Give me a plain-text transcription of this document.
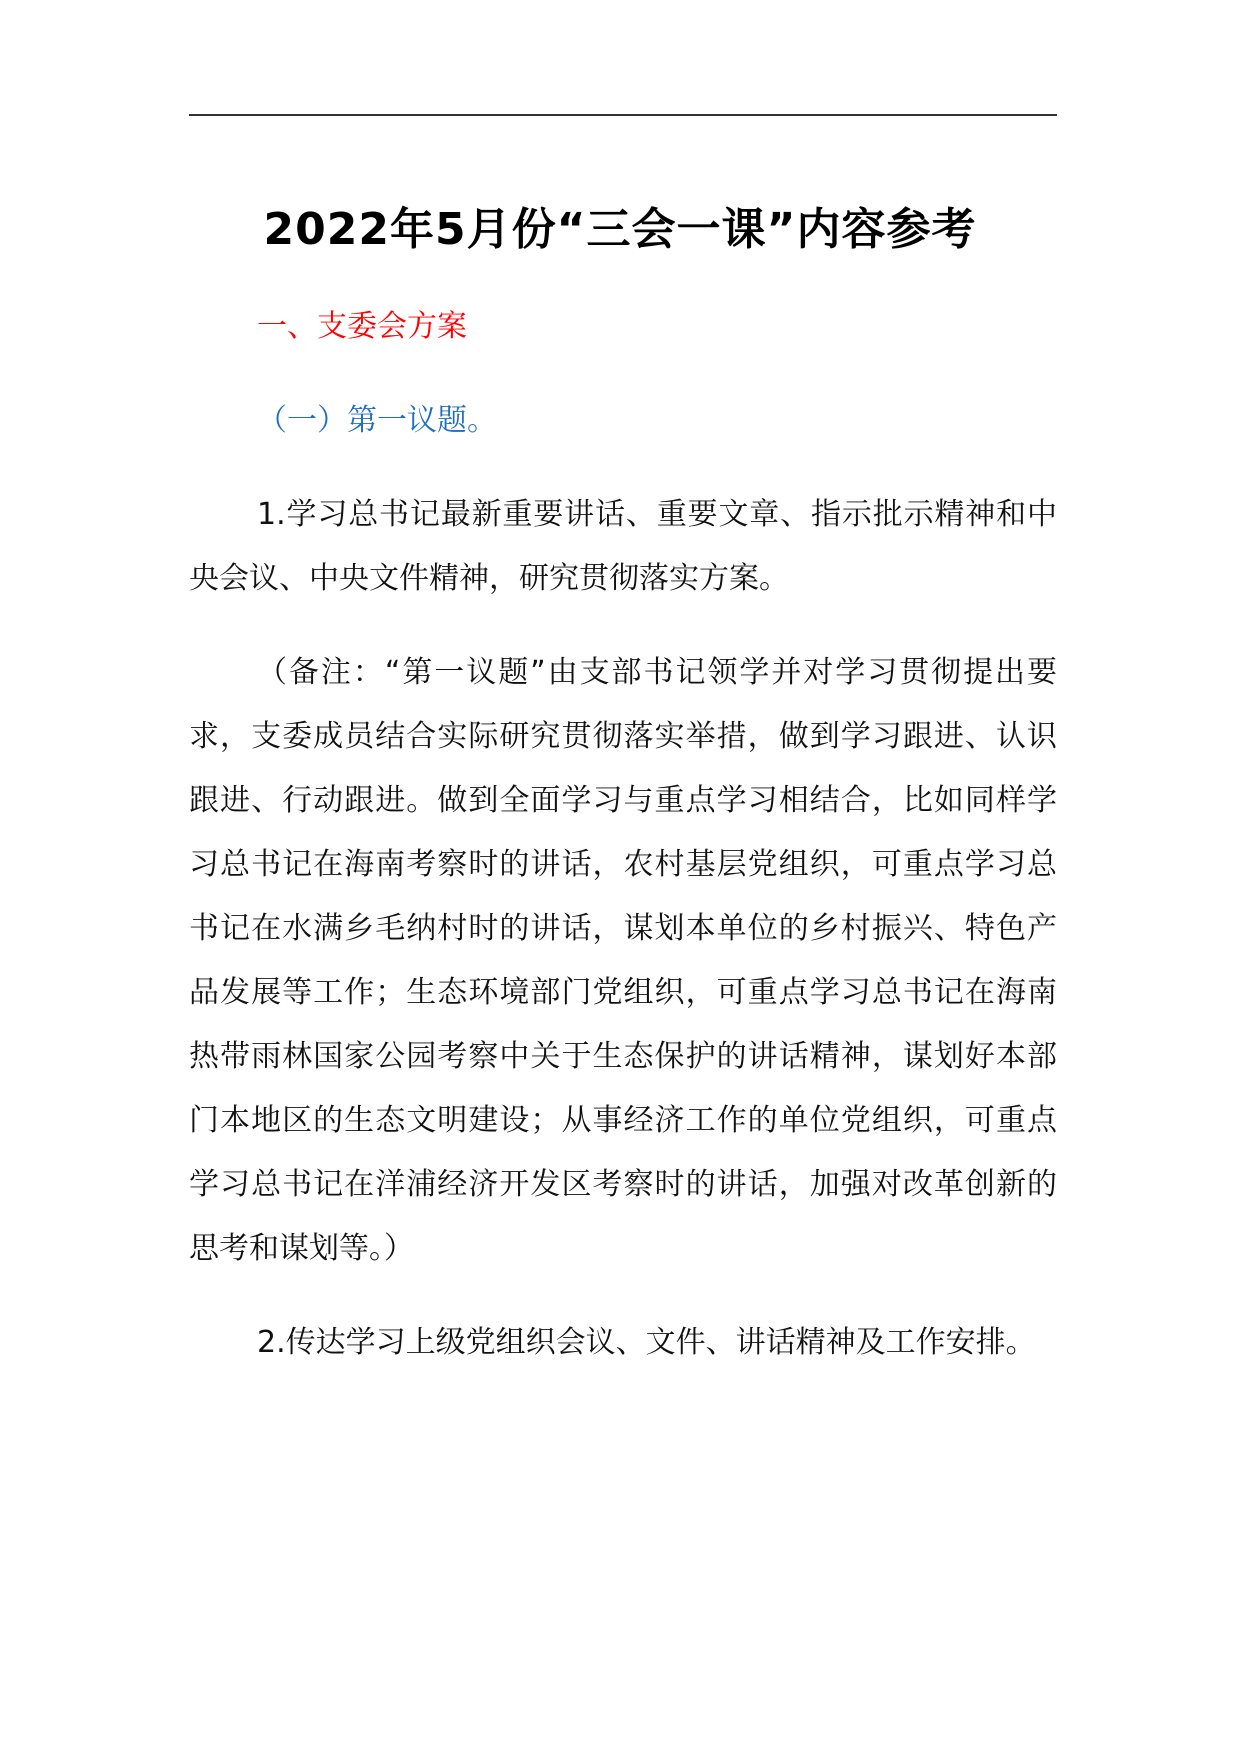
2022年5月份“三会一课”内容参考
一、支委会方案
（一）第一议题。

1.学习总书记最新重要讲话、重要文章、指示批示精神和中央会议、中央文件精神，研究贯彻落实方案。

（备注：“第一议题”由支部书记领学并对学习贯彻提出要求，支委成员结合实际研究贯彻落实举措，做到学习跟进、认识跟进、行动跟进。做到全面学习与重点学习相结合，比如同样学习总书记在海南考察时的讲话，农村基层党组织，可重点学习总书记在水满乡毛纳村时的讲话，谋划本单位的乡村振兴、特色产品发展等工作；生态环境部门党组织，可重点学习总书记在海南热带雨林国家公园考察中关于生态保护的讲话精神，谋划好本部门本地区的生态文明建设；从事经济工作的单位党组织，可重点学习总书记在洋浦经济开发区考察时的讲话，加强对改革创新的思考和谋划等。）

2.传达学习上级党组织会议、文件、讲话精神及工作安排。
